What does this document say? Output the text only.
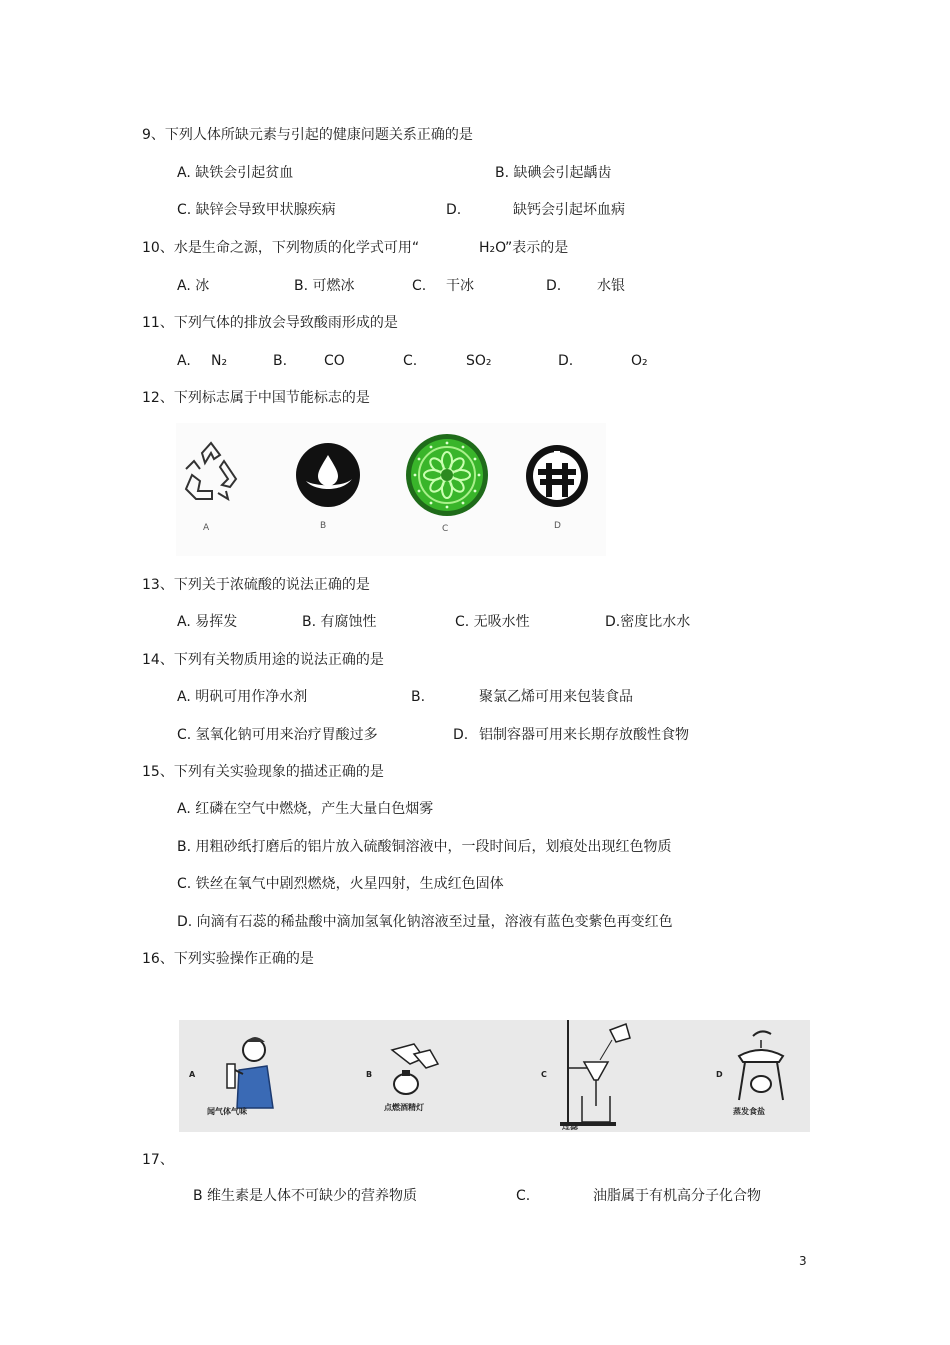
9、下列人体所缺元素与引起的健康问题关系正确的是
A. 缺铁会引起贫血	B. 缺碘会引起龋齿
C. 缺锌会导致甲状腺疾病	D.	缺钙会引起坏血病
10、水是生命之源，下列物质的化学式可用“	H₂O
”表示的是
A. 冰	B. 可燃冰	C. 干冰	D.	水银
11、下列气体的排放会导致酸雨形成的是
A. N₂	B.	CO	C.	SO₂	D.	O₂
12、下列标志属于中国节能标志的是
A	B	C	D
13、下列关于浓硫酸的说法正确的是
A. 易挥发	B. 有腐蚀性	C. 无吸水性	D.密度比水水
14、下列有关物质用途的说法正确的是
A. 明矾可用作净水剂	B.	聚氯乙烯可用来包装食品
C. 氢氧化钠可用来治疗胃酸过多	D. 铝制容器可用来长期存放酸性食物
15、下列有关实验现象的描述正确的是
A. 红磷在空气中燃烧，产生大量白色烟雾
B. 用粗砂纸打磨后的铝片放入硫酸铜溶液中，一段时间后，划痕处出现红色物质
C. 铁丝在氧气中剧烈燃烧，火星四射，生成红色固体
D. 向滴有石蕊的稀盐酸中滴加氢氧化钠溶液至过量，溶液有蓝色变紫色再变红色
16、下列实验操作正确的是
A
闻气体气味
B
点燃酒精灯
C
过滤
D
蒸发食盐
17、
B 维生素是人体不可缺少的营养物质	C.	油脂属于有机高分子化合物
3
